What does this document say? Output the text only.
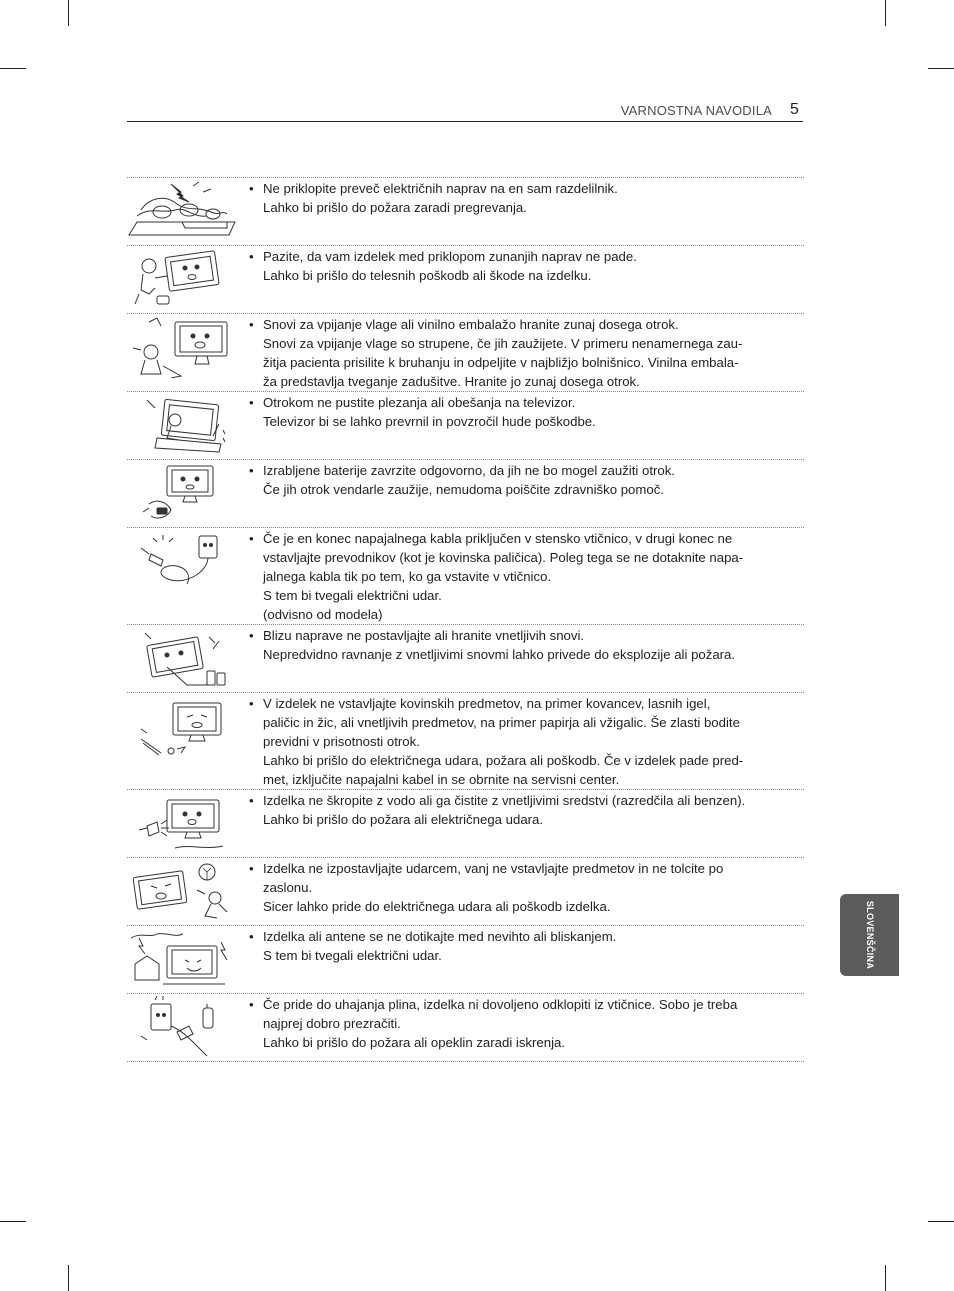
VARNOSTNA NAVODILA 5
SLOVENŠČINA

• Ne priklopite preveč električnih naprav na en sam razdelilnik.

Lahko bi prišlo do požara zaradi pregrevanja.

• Pazite, da vam izdelek med priklopom zunanjih naprav ne pade.

Lahko bi prišlo do telesnih poškodb ali škode na izdelku.

• Snovi za vpijanje vlage ali vinilno embalažo hranite zunaj dosega otrok.

Snovi za vpijanje vlage so strupene, če jih zaužijete. V primeru nenamernega zau-

žitja pacienta prisilite k bruhanju in odpeljite v najbližjo bolnišnico. Vinilna embala-

ža predstavlja tveganje zadušitve. Hranite jo zunaj dosega otrok.

• Otrokom ne pustite plezanja ali obešanja na televizor.

Televizor bi se lahko prevrnil in povzročil hude poškodbe.

• Izrabljene baterije zavrzite odgovorno, da jih ne bo mogel zaužiti otrok.

Če jih otrok vendarle zaužije, nemudoma poiščite zdravniško pomoč.

• Če je en konec napajalnega kabla priključen v stensko vtičnico, v drugi konec ne

vstavljajte prevodnikov (kot je kovinska paličica). Poleg tega se ne dotaknite napa-

jalnega kabla tik po tem, ko ga vstavite v vtičnico.

S tem bi tvegali električni udar.

(odvisno od modela)

• Blizu naprave ne postavljajte ali hranite vnetljivih snovi.

Nepredvidno ravnanje z vnetljivimi snovmi lahko privede do eksplozije ali požara.

• V izdelek ne vstavljajte kovinskih predmetov, na primer kovancev, lasnih igel,

paličic in žic, ali vnetljivih predmetov, na primer papirja ali vžigalic. Še zlasti bodite

previdni v prisotnosti otrok.

Lahko bi prišlo do električnega udara, požara ali poškodb. Če v izdelek pade pred-

met, izključite napajalni kabel in se obrnite na servisni center.

• Izdelka ne škropite z vodo ali ga čistite z vnetljivimi sredstvi (razredčila ali benzen).

Lahko bi prišlo do požara ali električnega udara.

• Izdelka ne izpostavljajte udarcem, vanj ne vstavljajte predmetov in ne tolcite po

zaslonu.

Sicer lahko pride do električnega udara ali poškodb izdelka.

• Izdelka ali antene se ne dotikajte med nevihto ali bliskanjem.

S tem bi tvegali električni udar.

• Če pride do uhajanja plina, izdelka ni dovoljeno odklopiti iz vtičnice. Sobo je treba

najprej dobro prezračiti.

Lahko bi prišlo do požara ali opeklin zaradi iskrenja.
